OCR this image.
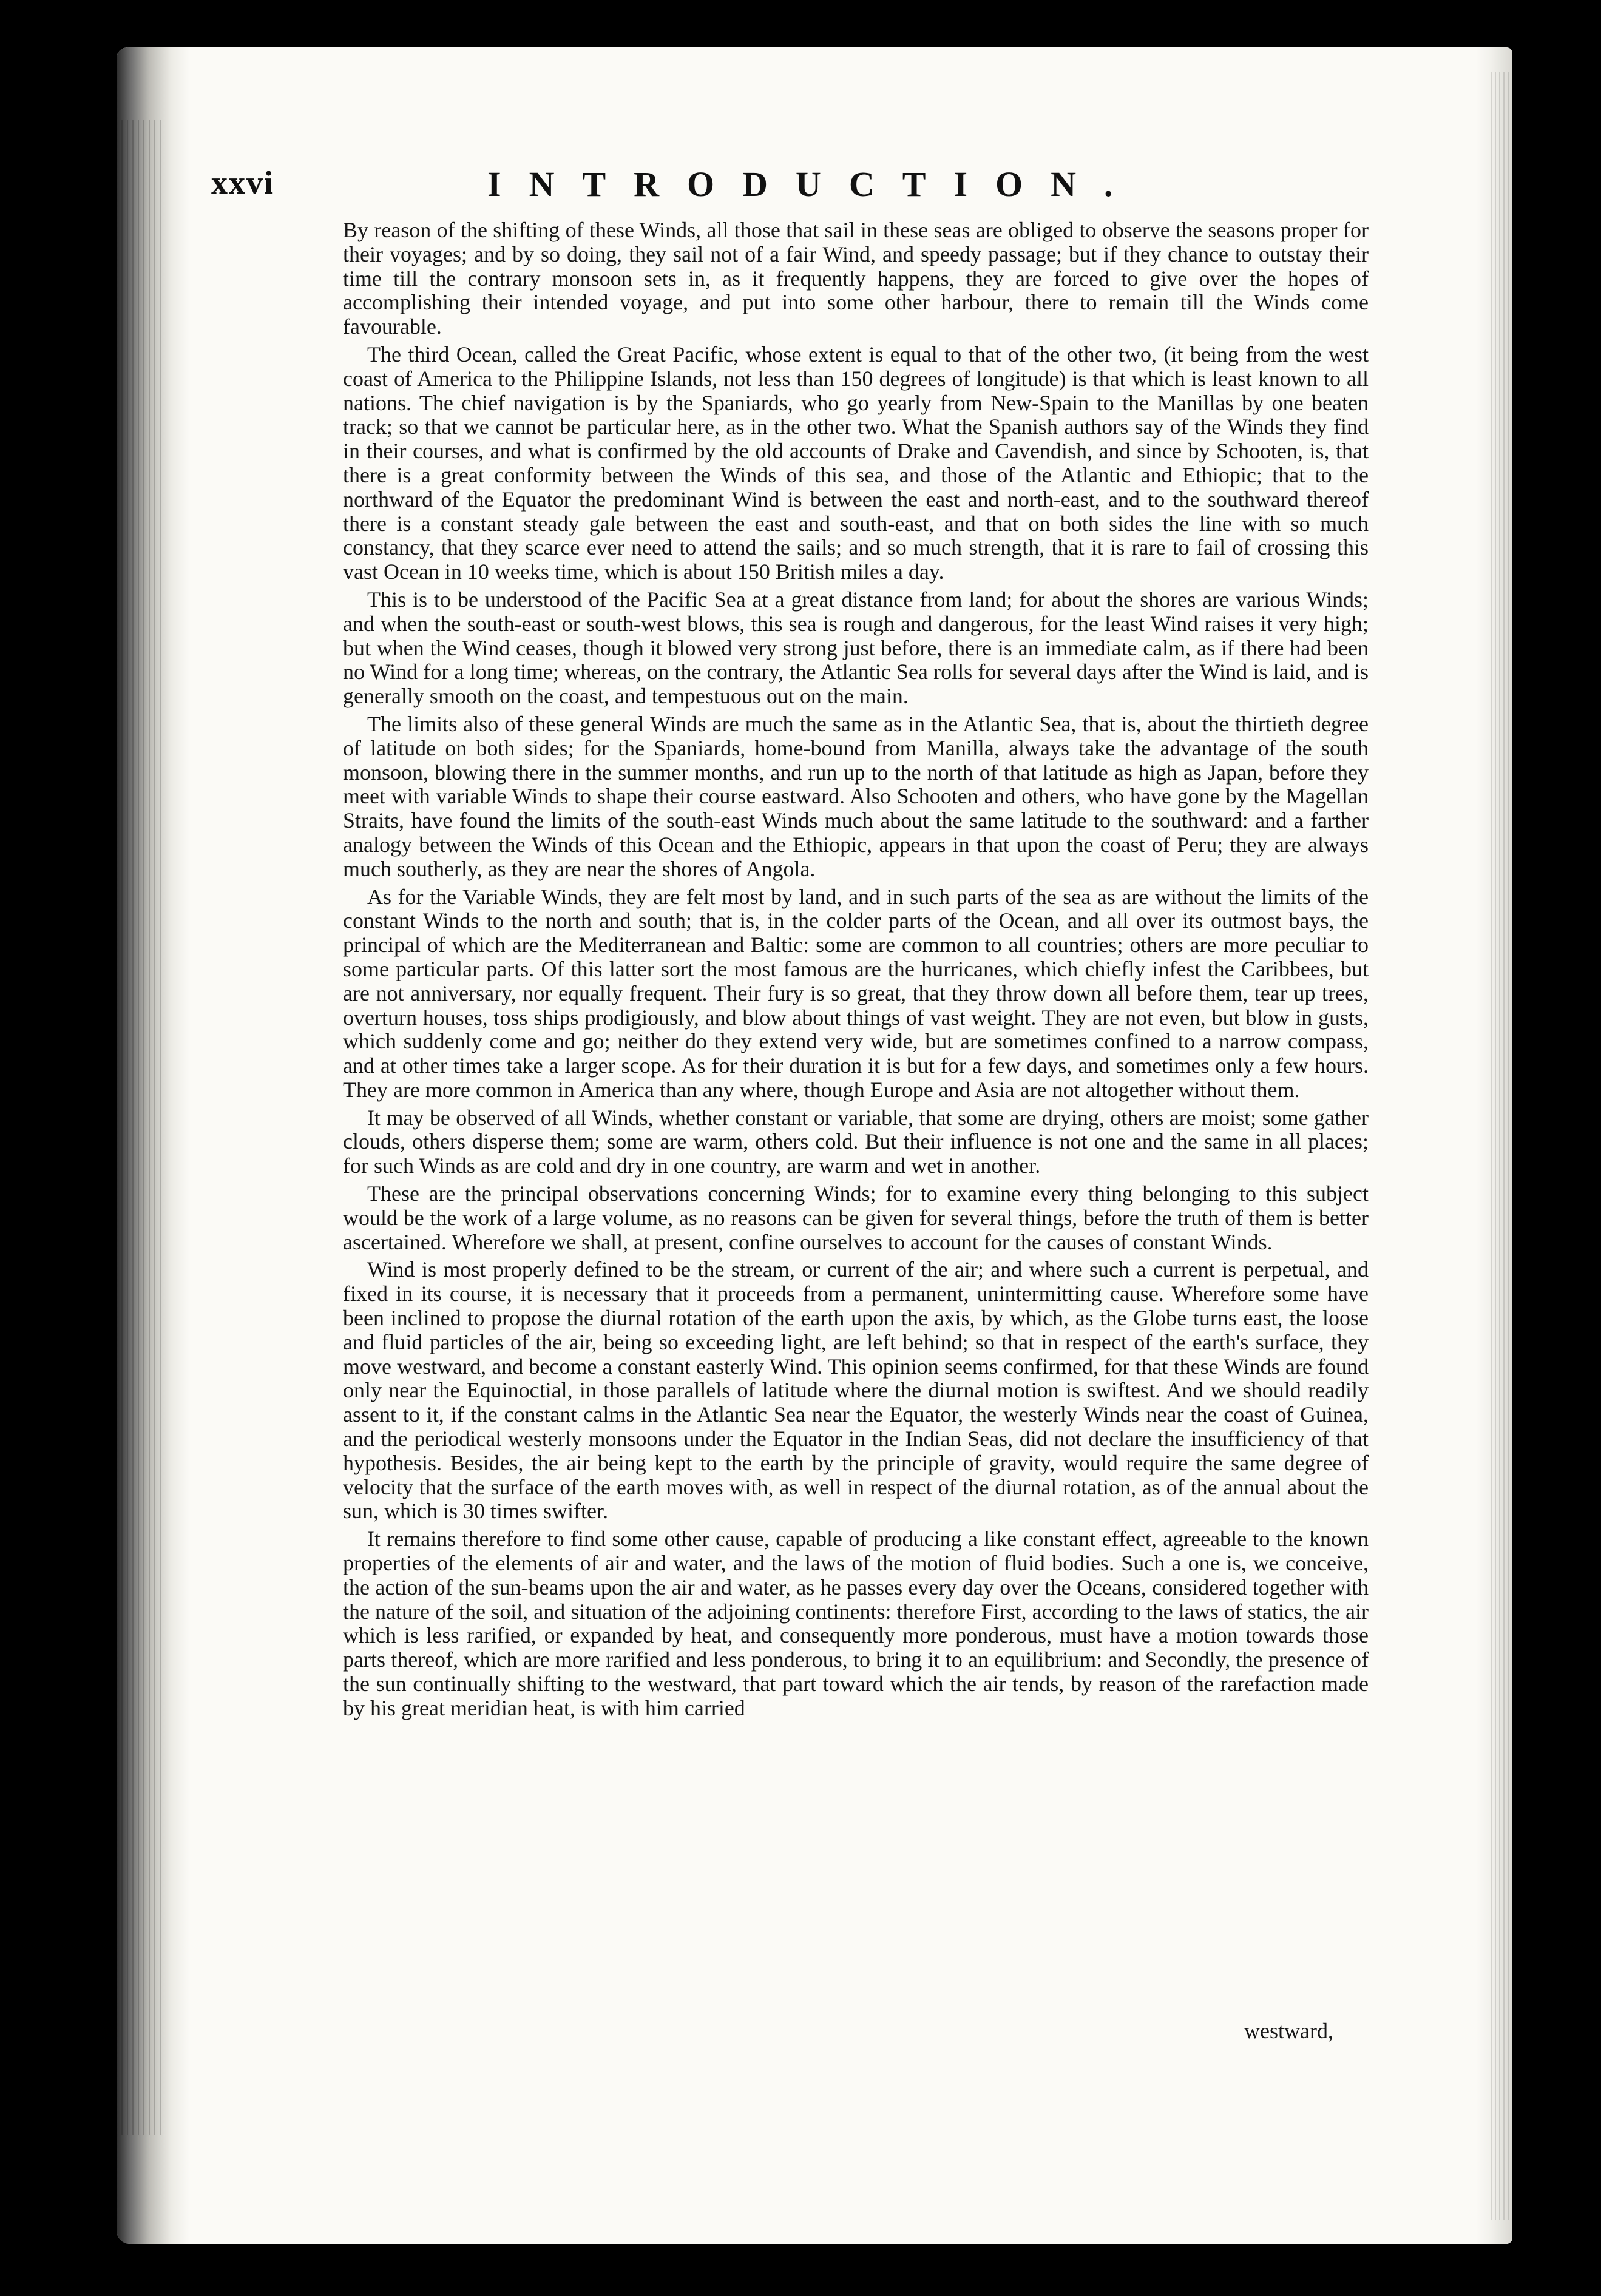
xxvi	INTRODUCTION.

By reason of the shifting of these Winds, all those that sail in these seas are obliged to observe the seasons proper for their voyages; and by so doing, they sail not of a fair Wind, and speedy passage; but if they chance to outstay their time till the contrary monsoon sets in, as it frequently happens, they are forced to give over the hopes of accomplishing their intended voyage, and put into some other harbour, there to remain till the Winds come favourable.

The third Ocean, called the Great Pacific, whose extent is equal to that of the other two, (it being from the west coast of America to the Philippine Islands, not less than 150 degrees of longitude) is that which is least known to all nations. The chief navigation is by the Spaniards, who go yearly from New-Spain to the Manillas by one beaten track; so that we cannot be particular here, as in the other two. What the Spanish authors say of the Winds they find in their courses, and what is confirmed by the old accounts of Drake and Cavendish, and since by Schooten, is, that there is a great conformity between the Winds of this sea, and those of the Atlantic and Ethiopic; that to the northward of the Equator the predominant Wind is between the east and north-east, and to the southward thereof there is a constant steady gale between the east and south-east, and that on both sides the line with so much constancy, that they scarce ever need to attend the sails; and so much strength, that it is rare to fail of crossing this vast Ocean in 10 weeks time, which is about 150 British miles a day.

This is to be understood of the Pacific Sea at a great distance from land; for about the shores are various Winds; and when the south-east or south-west blows, this sea is rough and dangerous, for the least Wind raises it very high; but when the Wind ceases, though it blowed very strong just before, there is an immediate calm, as if there had been no Wind for a long time; whereas, on the contrary, the Atlantic Sea rolls for several days after the Wind is laid, and is generally smooth on the coast, and tempestuous out on the main.

The limits also of these general Winds are much the same as in the Atlantic Sea, that is, about the thirtieth degree of latitude on both sides; for the Spaniards, home-bound from Manilla, always take the advantage of the south monsoon, blowing there in the summer months, and run up to the north of that latitude as high as Japan, before they meet with variable Winds to shape their course eastward. Also Schooten and others, who have gone by the Magellan Straits, have found the limits of the south-east Winds much about the same latitude to the southward: and a farther analogy between the Winds of this Ocean and the Ethiopic, appears in that upon the coast of Peru; they are always much southerly, as they are near the shores of Angola.

As for the Variable Winds, they are felt most by land, and in such parts of the sea as are without the limits of the constant Winds to the north and south; that is, in the colder parts of the Ocean, and all over its outmost bays, the principal of which are the Mediterranean and Baltic: some are common to all countries; others are more peculiar to some particular parts. Of this latter sort the most famous are the hurricanes, which chiefly infest the Caribbees, but are not anniversary, nor equally frequent. Their fury is so great, that they throw down all before them, tear up trees, overturn houses, toss ships prodigiously, and blow about things of vast weight. They are not even, but blow in gusts, which suddenly come and go; neither do they extend very wide, but are sometimes confined to a narrow compass, and at other times take a larger scope. As for their duration it is but for a few days, and sometimes only a few hours. They are more common in America than any where, though Europe and Asia are not altogether without them.

It may be observed of all Winds, whether constant or variable, that some are drying, others are moist; some gather clouds, others disperse them; some are warm, others cold. But their influence is not one and the same in all places; for such Winds as are cold and dry in one country, are warm and wet in another.

These are the principal observations concerning Winds; for to examine every thing belonging to this subject would be the work of a large volume, as no reasons can be given for several things, before the truth of them is better ascertained. Wherefore we shall, at present, confine ourselves to account for the causes of constant Winds.

Wind is most properly defined to be the stream, or current of the air; and where such a current is perpetual, and fixed in its course, it is necessary that it proceeds from a permanent, unintermitting cause. Wherefore some have been inclined to propose the diurnal rotation of the earth upon the axis, by which, as the Globe turns east, the loose and fluid particles of the air, being so exceeding light, are left behind; so that in respect of the earth's surface, they move westward, and become a constant easterly Wind. This opinion seems confirmed, for that these Winds are found only near the Equinoctial, in those parallels of latitude where the diurnal motion is swiftest. And we should readily assent to it, if the constant calms in the Atlantic Sea near the Equator, the westerly Winds near the coast of Guinea, and the periodical westerly monsoons under the Equator in the Indian Seas, did not declare the insufficiency of that hypothesis. Besides, the air being kept to the earth by the principle of gravity, would require the same degree of velocity that the surface of the earth moves with, as well in respect of the diurnal rotation, as of the annual about the sun, which is 30 times swifter.

It remains therefore to find some other cause, capable of producing a like constant effect, agreeable to the known properties of the elements of air and water, and the laws of the motion of fluid bodies. Such a one is, we conceive, the action of the sun-beams upon the air and water, as he passes every day over the Oceans, considered together with the nature of the soil, and situation of the adjoining continents: therefore First, according to the laws of statics, the air which is less rarified, or expanded by heat, and consequently more ponderous, must have a motion towards those parts thereof, which are more rarified and less ponderous, to bring it to an equilibrium: and Secondly, the presence of the sun continually shifting to the westward, that part toward which the air tends, by reason of the rarefaction made by his great meridian heat, is with him carried

westward,
